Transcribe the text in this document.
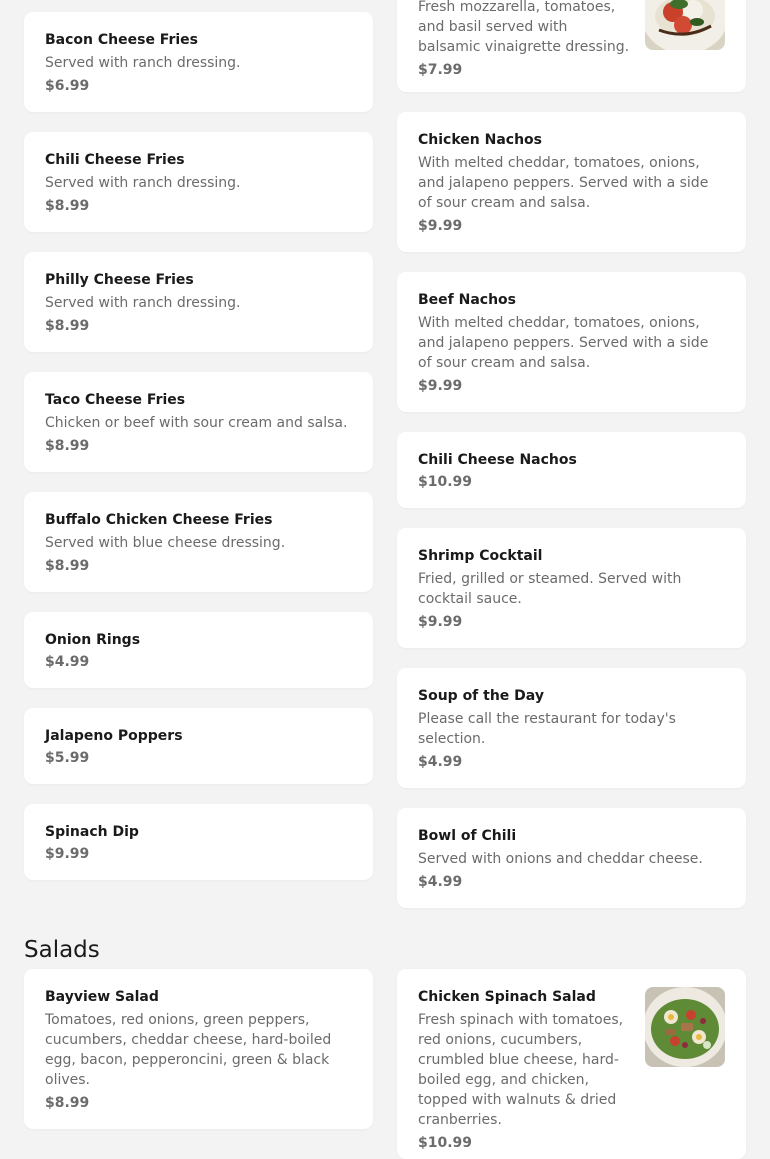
Bacon Cheese Fries
Served with ranch dressing.
$6.99
Chili Cheese Fries
Served with ranch dressing.
$8.99
Philly Cheese Fries
Served with ranch dressing.
$8.99
Taco Cheese Fries
Chicken or beef with sour cream and salsa.
$8.99
Buffalo Chicken Cheese Fries
Served with blue cheese dressing.
$8.99
Onion Rings
$4.99
Jalapeno Poppers
$5.99
Spinach Dip
$9.99
Fresh mozzarella, tomatoes, and basil served with balsamic vinaigrette dressing.
$7.99
Chicken Nachos
With melted cheddar, tomatoes, onions, and jalapeno peppers. Served with a side of sour cream and salsa.
$9.99
Beef Nachos
With melted cheddar, tomatoes, onions, and jalapeno peppers. Served with a side of sour cream and salsa.
$9.99
Chili Cheese Nachos
$10.99
Shrimp Cocktail
Fried, grilled or steamed. Served with cocktail sauce.
$9.99
Soup of the Day
Please call the restaurant for today's selection.
$4.99
Bowl of Chili
Served with onions and cheddar cheese.
$4.99
Salads
Bayview Salad
Tomatoes, red onions, green peppers, cucumbers, cheddar cheese, hard-boiled egg, bacon, pepperoncini, green & black olives.
$8.99
Chicken Spinach Salad
Fresh spinach with tomatoes, red onions, cucumbers, crumbled blue cheese, hard-boiled egg, and chicken, topped with walnuts & dried cranberries.
$10.99
